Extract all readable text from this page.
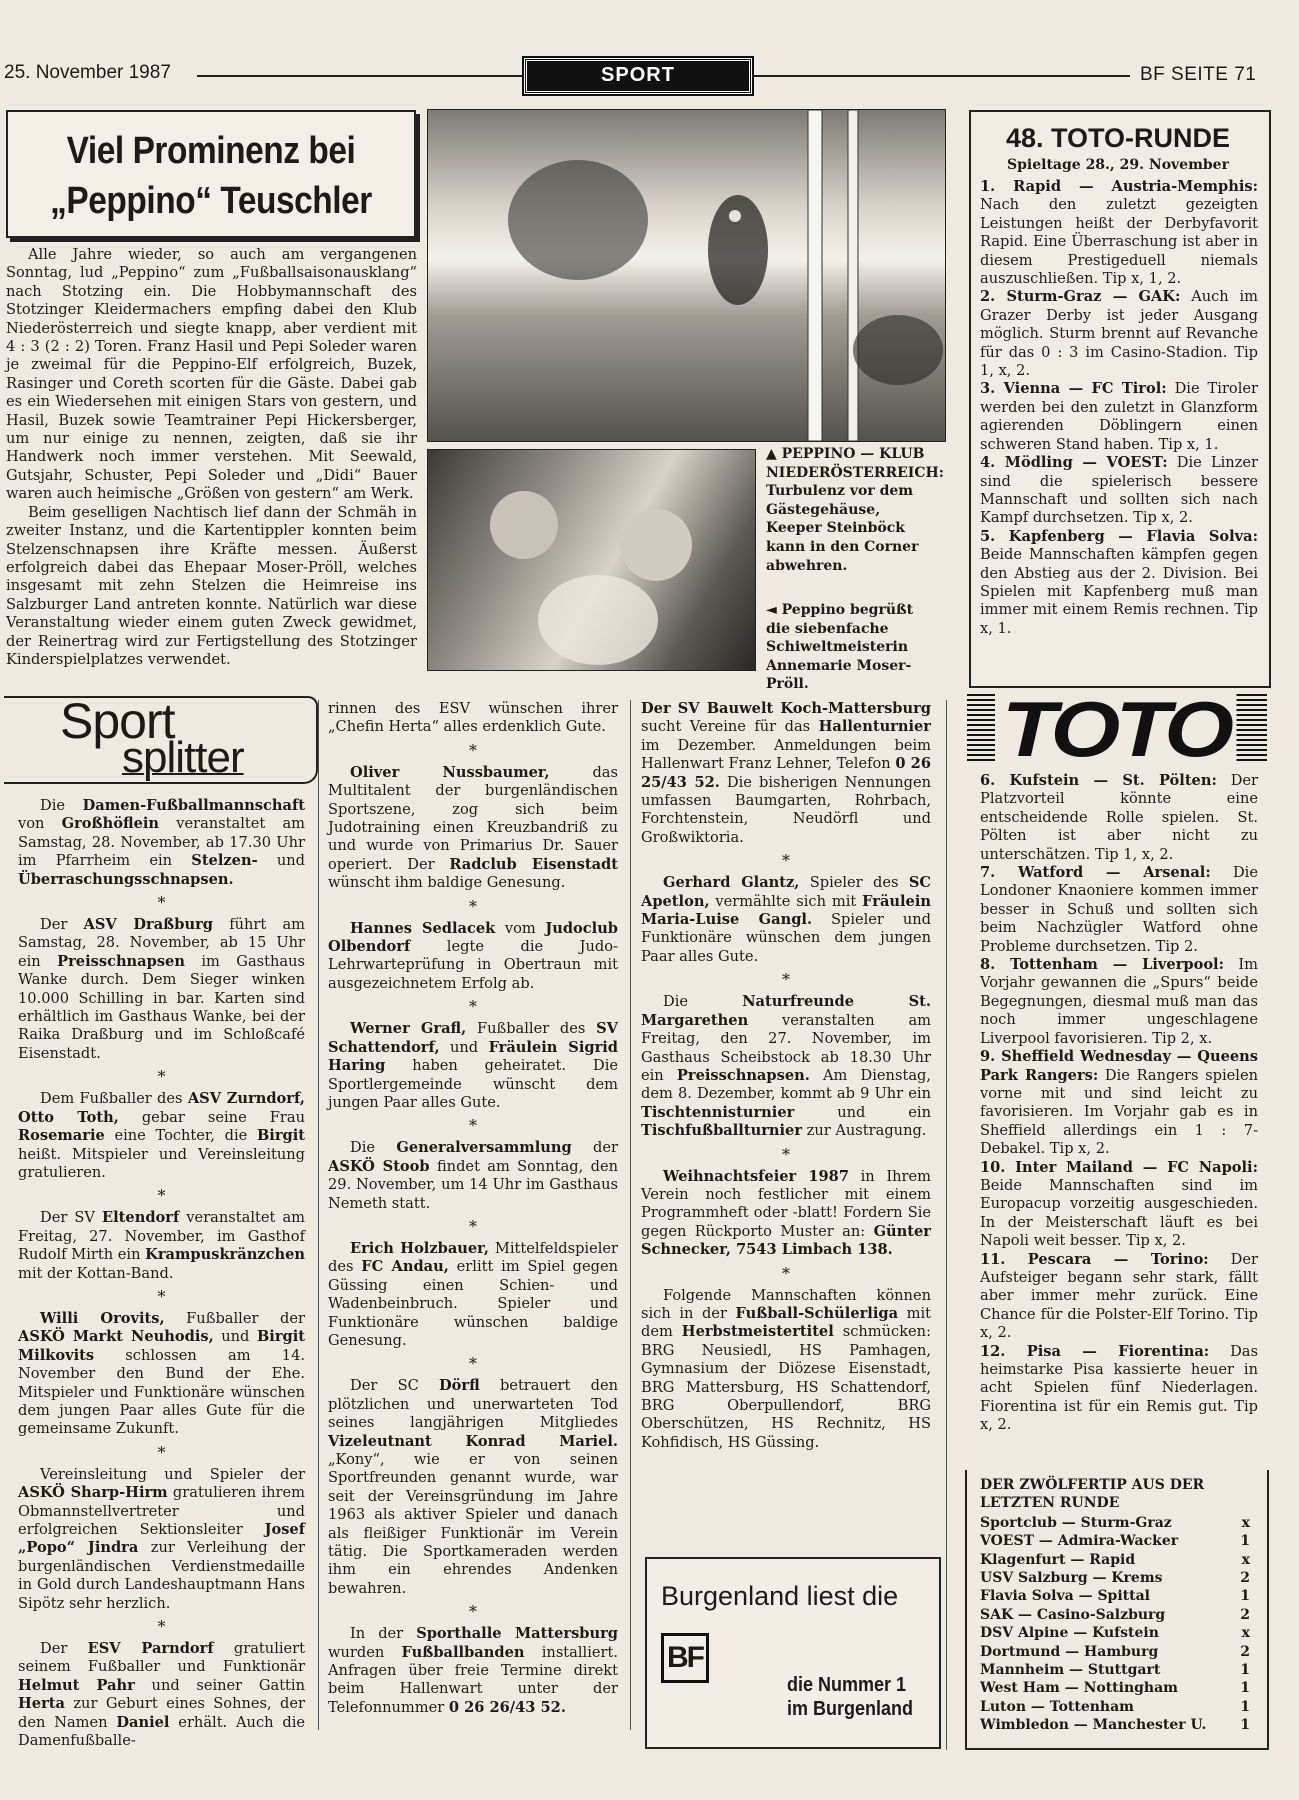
25. November 1987	SPORT	BF SEITE 71
Viel Prominenz bei
„Peppino“ Teuschler

Alle Jahre wieder, so auch am vergangenen Sonntag, lud „Peppino“ zum „Fußballsaisonausklang“ nach Stotzing ein. Die Hobbymannschaft des Stotzinger Kleidermachers empfing dabei den Klub Niederösterreich und siegte knapp, aber verdient mit 4 : 3 (2 : 2) Toren. Franz Hasil und Pepi Soleder waren je zweimal für die Peppino-Elf erfolgreich, Buzek, Rasinger und Coreth scorten für die Gäste. Dabei gab es ein Wiedersehen mit einigen Stars von gestern, und Hasil, Buzek sowie Teamtrainer Pepi Hickersberger, um nur einige zu nennen, zeigten, daß sie ihr Handwerk noch immer verstehen. Mit Seewald, Gutsjahr, Schuster, Pepi Soleder und „Didi“ Bauer waren auch heimische „Größen von gestern“ am Werk.

Beim geselligen Nachtisch lief dann der Schmäh in zweiter Instanz, und die Kartentippler konnten beim Stelzenschnapsen ihre Kräfte messen. Äußerst erfolgreich dabei das Ehepaar Moser-Pröll, welches insgesamt mit zehn Stelzen die Heimreise ins Salzburger Land antreten konnte. Natürlich war diese Veranstaltung wieder einem guten Zweck gewidmet, der Reinertrag wird zur Fertigstellung des Stotzinger Kinderspielplatzes verwendet.

▲ PEPPINO — KLUB NIEDERÖSTERREICH: Turbulenz vor dem Gästegehäuse, Keeper Steinböck kann in den Corner abwehren.
◄ Peppino begrüßt die siebenfache Schiweltmeisterin Annemarie Moser-Pröll.
48. TOTO-RUNDE
Spieltage 28., 29. November

1. Rapid — Austria-Memphis: Nach den zuletzt gezeigten Leistungen heißt der Derbyfavorit Rapid. Eine Überraschung ist aber in diesem Prestigeduell niemals auszuschließen. Tip x, 1, 2.

2. Sturm-Graz — GAK: Auch im Grazer Derby ist jeder Ausgang möglich. Sturm brennt auf Revanche für das 0 : 3 im Casino-Stadion. Tip 1, x, 2.

3. Vienna — FC Tirol: Die Tiroler werden bei den zuletzt in Glanzform agierenden Döblingern einen schweren Stand haben. Tip x, 1.

4. Mödling — VOEST: Die Linzer sind die spielerisch bessere Mannschaft und sollten sich nach Kampf durchsetzen. Tip x, 2.

5. Kapfenberg — Flavia Solva: Beide Mannschaften kämpfen gegen den Abstieg aus der 2. Division. Bei Spielen mit Kapfenberg muß man immer mit einem Remis rechnen. Tip x, 1.

TOTO

6. Kufstein — St. Pölten: Der Platzvorteil könnte eine entscheidende Rolle spielen. St. Pölten ist aber nicht zu unterschätzen. Tip 1, x, 2.

7. Watford — Arsenal: Die Londoner Knaoniere kommen immer besser in Schuß und sollten sich beim Nachzügler Watford ohne Probleme durchsetzen. Tip 2.

8. Tottenham — Liverpool: Im Vorjahr gewannen die „Spurs“ beide Begegnungen, diesmal muß man das noch immer ungeschlagene Liverpool favorisieren. Tip 2, x.

9. Sheffield Wednesday — Queens Park Rangers: Die Rangers spielen vorne mit und sind leicht zu favorisieren. Im Vorjahr gab es in Sheffield allerdings ein 1 : 7-Debakel. Tip x, 2.

10. Inter Mailand — FC Napoli: Beide Mannschaften sind im Europacup vorzeitig ausgeschieden. In der Meisterschaft läuft es bei Napoli weit besser. Tip x, 2.

11. Pescara — Torino: Der Aufsteiger begann sehr stark, fällt aber immer mehr zurück. Eine Chance für die Polster-Elf Torino. Tip x, 2.

12. Pisa — Fiorentina: Das heimstarke Pisa kassierte heuer in acht Spielen fünf Niederlagen. Fiorentina ist für ein Remis gut. Tip x, 2.

DER ZWÖLFERTIP AUS DER LETZTEN RUNDE
Sportclub — Sturm-Graz	x
VOEST — Admira-Wacker	1
Klagenfurt — Rapid	x
USV Salzburg — Krems	2
Flavia Solva — Spittal	1
SAK — Casino-Salzburg	2
DSV Alpine — Kufstein	x
Dortmund — Hamburg	2
Mannheim — Stuttgart	1
West Ham — Nottingham	1
Luton — Tottenham	1
Wimbledon — Manchester U. 1
Sport
splitter

Die Damen-Fußballmannschaft von Großhöflein veranstaltet am Samstag, 28. November, ab 17.30 Uhr im Pfarrheim ein Stelzen- und Überraschungsschnapsen.

*

Der ASV Draßburg führt am Samstag, 28. November, ab 15 Uhr ein Preisschnapsen im Gasthaus Wanke durch. Dem Sieger winken 10.000 Schilling in bar. Karten sind erhältlich im Gasthaus Wanke, bei der Raika Draßburg und im Schloßcafé Eisenstadt.

*

Dem Fußballer des ASV Zurndorf, Otto Toth, gebar seine Frau Rosemarie eine Tochter, die Birgit heißt. Mitspieler und Vereinsleitung gratulieren.

*

Der SV Eltendorf veranstaltet am Freitag, 27. November, im Gasthof Rudolf Mirth ein Krampuskränzchen mit der Kottan-Band.

*

Willi Orovits, Fußballer der ASKÖ Markt Neuhodis, und Birgit Milkovits schlossen am 14. November den Bund der Ehe. Mitspieler und Funktionäre wünschen dem jungen Paar alles Gute für die gemeinsame Zukunft.

*

Vereinsleitung und Spieler der ASKÖ Sharp-Hirm gratulieren ihrem Obmannstellvertreter und erfolgreichen Sektionsleiter Josef „Popo“ Jindra zur Verleihung der burgenländischen Verdienstmedaille in Gold durch Landeshauptmann Hans Sipötz sehr herzlich.

*

Der ESV Parndorf gratuliert seinem Fußballer und Funktionär Helmut Pahr und seiner Gattin Herta zur Geburt eines Sohnes, der den Namen Daniel erhält. Auch die Damenfußballe-

rinnen des ESV wünschen ihrer „Chefin Herta“ alles erdenklich Gute.

*

Oliver Nussbaumer, das Multitalent der burgenländischen Sportszene, zog sich beim Judotraining einen Kreuzbandriß zu und wurde von Primarius Dr. Sauer operiert. Der Radclub Eisenstadt wünscht ihm baldige Genesung.

*

Hannes Sedlacek vom Judoclub Olbendorf legte die Judo-Lehrwarteprüfung in Obertraun mit ausgezeichnetem Erfolg ab.

*

Werner Grafl, Fußballer des SV Schattendorf, und Fräulein Sigrid Haring haben geheiratet. Die Sportlergemeinde wünscht dem jungen Paar alles Gute.

*

Die Generalversammlung der ASKÖ Stoob findet am Sonntag, den 29. November, um 14 Uhr im Gasthaus Nemeth statt.

*

Erich Holzbauer, Mittelfeldspieler des FC Andau, erlitt im Spiel gegen Güssing einen Schien- und Wadenbeinbruch. Spieler und Funktionäre wünschen baldige Genesung.

*

Der SC Dörfl betrauert den plötzlichen und unerwarteten Tod seines langjährigen Mitgliedes Vizeleutnant Konrad Mariel. „Kony“, wie er von seinen Sportfreunden genannt wurde, war seit der Vereinsgründung im Jahre 1963 als aktiver Spieler und danach als fleißiger Funktionär im Verein tätig. Die Sportkameraden werden ihm ein ehrendes Andenken bewahren.

*

In der Sporthalle Mattersburg wurden Fußballbanden installiert. Anfragen über freie Termine direkt beim Hallenwart unter der Telefonnummer 0 26 26/43 52.

Der SV Bauwelt Koch-Mattersburg sucht Vereine für das Hallenturnier im Dezember. Anmeldungen beim Hallenwart Franz Lehner, Telefon 0 26 25/43 52. Die bisherigen Nennungen umfassen Baumgarten, Rohrbach, Forchtenstein, Neudörfl und Großwiktoria.

*

Gerhard Glantz, Spieler des SC Apetlon, vermählte sich mit Fräulein Maria-Luise Gangl. Spieler und Funktionäre wünschen dem jungen Paar alles Gute.

*

Die Naturfreunde St. Margarethen veranstalten am Freitag, den 27. November, im Gasthaus Scheibstock ab 18.30 Uhr ein Preisschnapsen. Am Dienstag, dem 8. Dezember, kommt ab 9 Uhr ein Tischtennisturnier und ein Tischfußballturnier zur Austragung.

*

Weihnachtsfeier 1987 in Ihrem Verein noch festlicher mit einem Programmheft oder -blatt! Fordern Sie gegen Rückporto Muster an: Günter Schnecker, 7543 Limbach 138.

*

Folgende Mannschaften können sich in der Fußball-Schülerliga mit dem Herbstmeistertitel schmücken: BRG Neusiedl, HS Pamhagen, Gymnasium der Diözese Eisenstadt, BRG Mattersburg, HS Schattendorf, BRG Oberpullendorf, BRG Oberschützen, HS Rechnitz, HS Kohfidisch, HS Güssing.

Burgenland liest die
BF
die Nummer 1
im Burgenland
